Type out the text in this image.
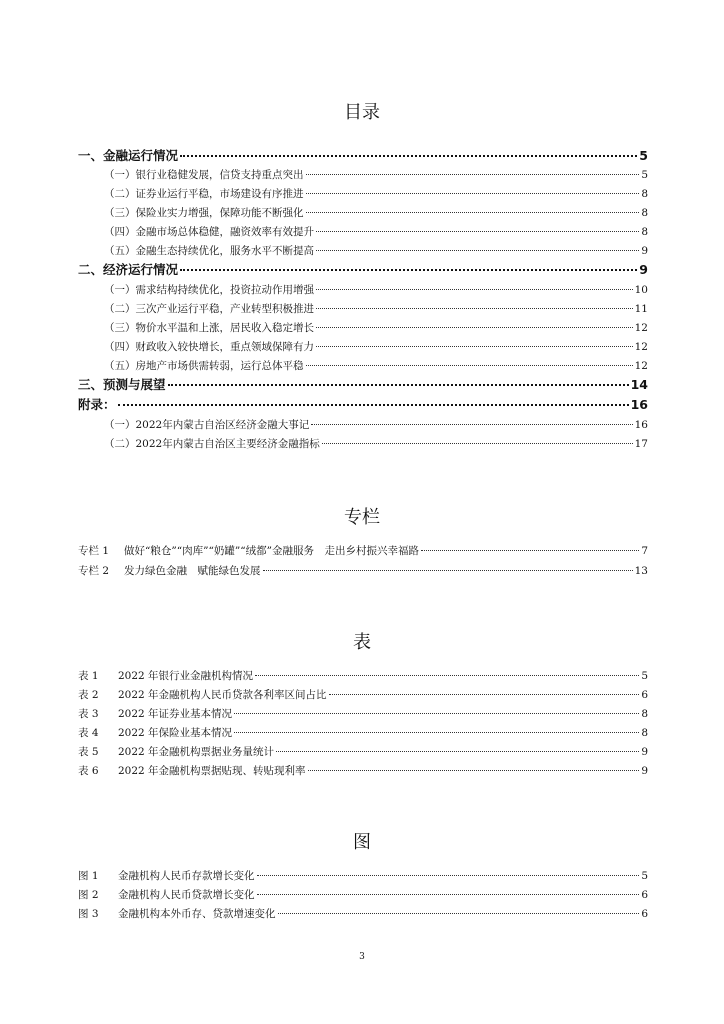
目录
一、金融运行情况	5
（一）银行业稳健发展，信贷支持重点突出	5
（二）证券业运行平稳，市场建设有序推进	8
（三）保险业实力增强，保障功能不断强化	8
（四）金融市场总体稳健，融资效率有效提升	8
（五）金融生态持续优化，服务水平不断提高	9
二、经济运行情况	9
（一）需求结构持续优化，投资拉动作用增强	10
（二）三次产业运行平稳，产业转型积极推进	11
（三）物价水平温和上涨，居民收入稳定增长	12
（四）财政收入较快增长，重点领域保障有力	12
（五）房地产市场供需转弱，运行总体平稳	12
三、预测与展望	14
附录：	16
（一）2022年内蒙古自治区经济金融大事记	16
（二）2022年内蒙古自治区主要经济金融指标	17
专栏
专栏 1	做好“粮仓”“肉库”“奶罐”“绒都”金融服务　走出乡村振兴幸福路	7
专栏 2	发力绿色金融　赋能绿色发展	13
表
表 1	2022 年银行业金融机构情况	5
表 2	2022 年金融机构人民币贷款各利率区间占比	6
表 3	2022 年证券业基本情况	8
表 4	2022 年保险业基本情况	8
表 5	2022 年金融机构票据业务量统计	9
表 6	2022 年金融机构票据贴现、转贴现利率	9
图
图 1	金融机构人民币存款增长变化	5
图 2	金融机构人民币贷款增长变化	6
图 3	金融机构本外币存、贷款增速变化	6
3
